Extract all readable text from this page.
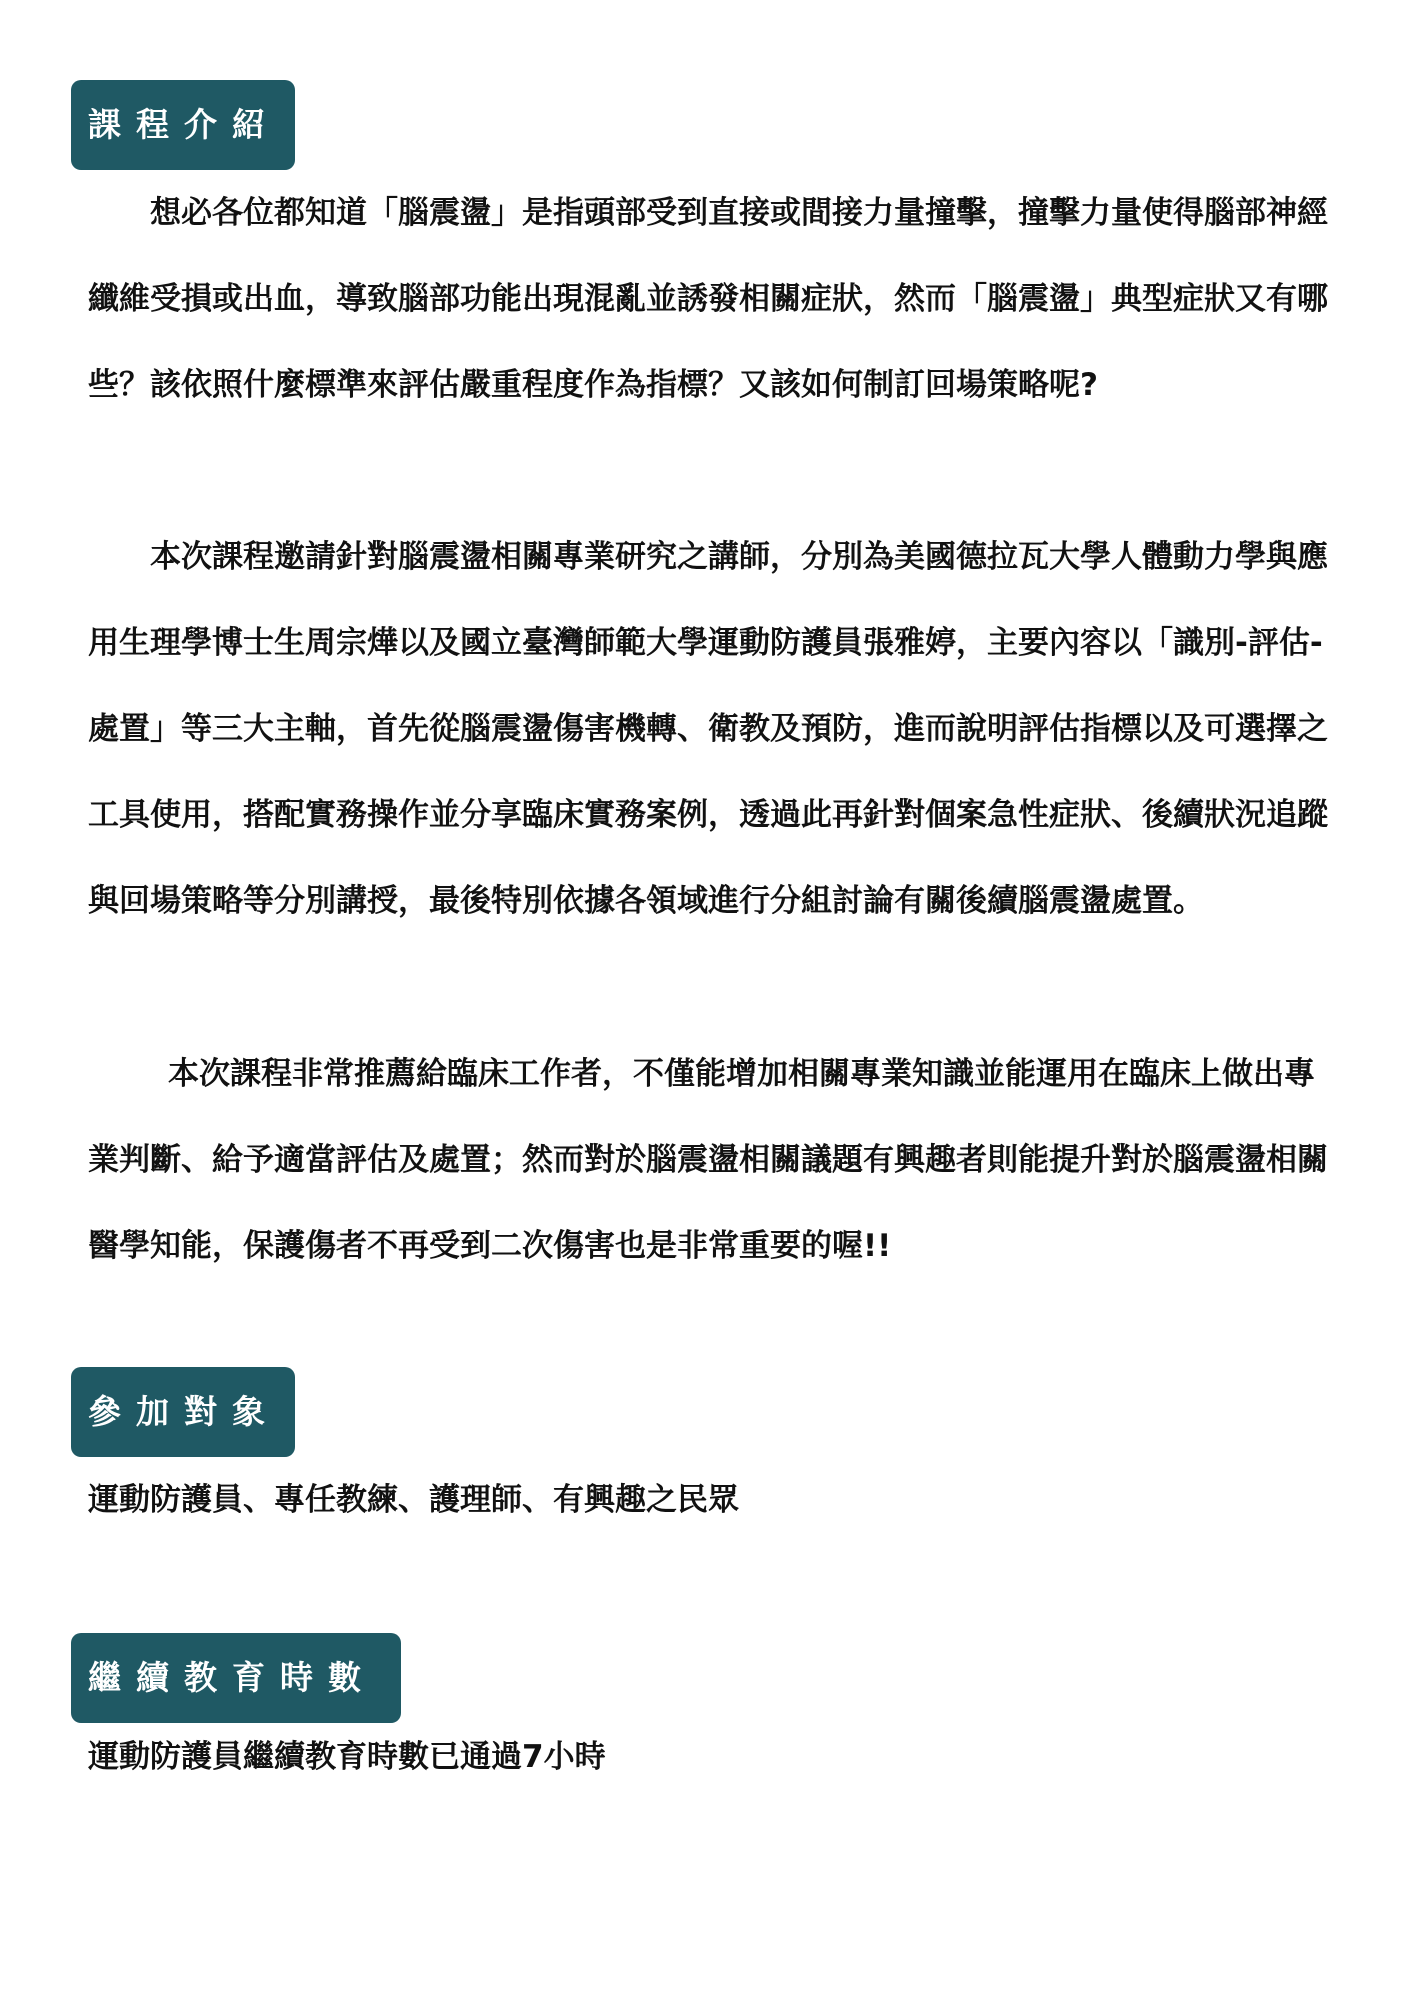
課程介紹

想必各位都知道「腦震盪」是指頭部受到直接或間接力量撞擊，撞擊力量使得腦部神經纖維受損或出血，導致腦部功能出現混亂並誘發相關症狀，然而「腦震盪」典型症狀又有哪些？該依照什麼標準來評估嚴重程度作為指標？又該如何制訂回場策略呢?

本次課程邀請針對腦震盪相關專業研究之講師，分別為美國德拉瓦大學人體動力學與應用生理學博士生周宗燁以及國立臺灣師範大學運動防護員張雅婷，主要內容以「識別-評估-處置」等三大主軸，首先從腦震盪傷害機轉、衛教及預防，進而說明評估指標以及可選擇之工具使用，搭配實務操作並分享臨床實務案例，透過此再針對個案急性症狀、後續狀況追蹤與回場策略等分別講授，最後特別依據各領域進行分組討論有關後續腦震盪處置。

本次課程非常推薦給臨床工作者，不僅能增加相關專業知識並能運用在臨床上做出專業判斷、給予適當評估及處置；然而對於腦震盪相關議題有興趣者則能提升對於腦震盪相關醫學知能，保護傷者不再受到二次傷害也是非常重要的喔!!

參加對象

運動防護員、專任教練、護理師、有興趣之民眾

繼續教育時數

運動防護員繼續教育時數已通過7小時
